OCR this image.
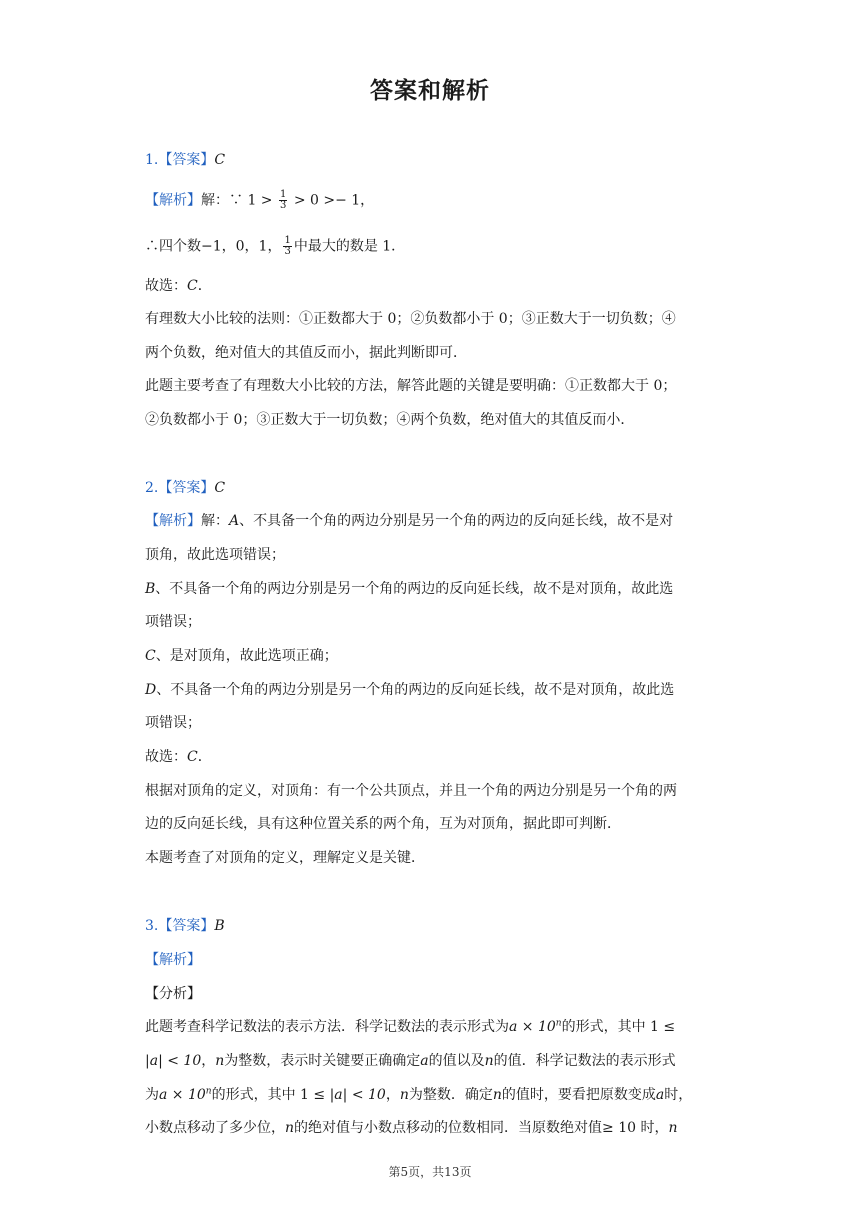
答案和解析
1.【答案】C
【解析】解：∵ $1 > \frac{1}{3} > 0 >- 1$，
∴四个数−1，0，1， $\frac{1}{3}$ 中最大的数是 1．
故选：C．
有理数大小比较的法则：①正数都大于 0；②负数都小于 0；③正数大于一切负数；④
两个负数，绝对值大的其值反而小，据此判断即可．
此题主要考查了有理数大小比较的方法，解答此题的关键是要明确：①正数都大于 0；
②负数都小于 0；③正数大于一切负数；④两个负数，绝对值大的其值反而小．
2.【答案】C
【解析】解：A、不具备一个角的两边分别是另一个角的两边的反向延长线，故不是对
顶角，故此选项错误；
B、不具备一个角的两边分别是另一个角的两边的反向延长线，故不是对顶角，故此选
项错误；
C、是对顶角，故此选项正确；
D、不具备一个角的两边分别是另一个角的两边的反向延长线，故不是对顶角，故此选
项错误；
故选：C．
根据对顶角的定义，对顶角：有一个公共顶点，并且一个角的两边分别是另一个角的两
边的反向延长线，具有这种位置关系的两个角，互为对顶角，据此即可判断．
本题考查了对顶角的定义，理解定义是关键．
3.【答案】B
【解析】
【分析】
此题考查科学记数法的表示方法．科学记数法的表示形式为$a \times 10^n$的形式，其中 1 ≤
|a| < 10，n为整数，表示时关键要正确确定a的值以及n的值．科学记数法的表示形式
为$a \times 10^n$的形式，其中 1 ≤ |a| < 10，n为整数．确定n的值时，要看把原数变成a时，
小数点移动了多少位，n的绝对值与小数点移动的位数相同．当原数绝对值≥ 10 时，n
第5页，共13页
